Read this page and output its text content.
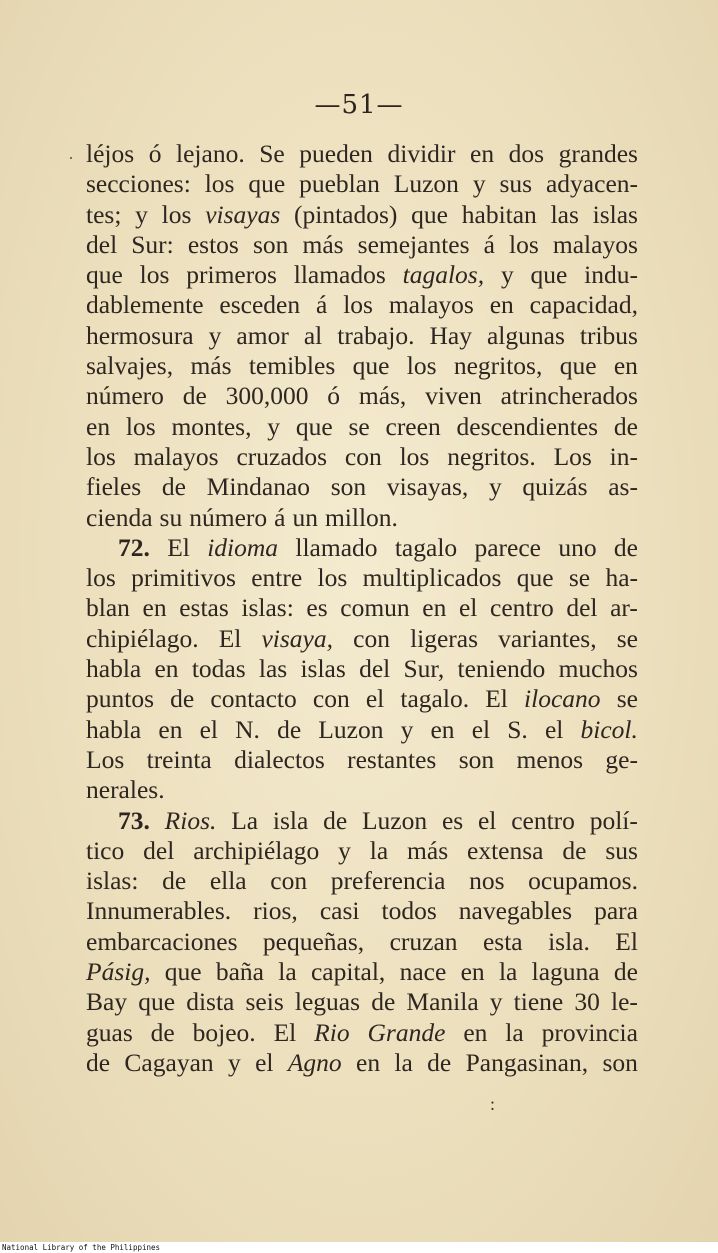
—51—
· léjos ó lejano. Se pueden dividir en dos grandes
secciones: los que pueblan Luzon y sus adyacen-
tes; y los visayas (pintados) que habitan las islas
del Sur: estos son más semejantes á los malayos
que los primeros llamados tagalos, y que indu-
dablemente esceden á los malayos en capacidad,
hermosura y amor al trabajo. Hay algunas tribus
salvajes, más temibles que los negritos, que en
número de 300,000 ó más, viven atrincherados
en los montes, y que se creen descendientes de
los malayos cruzados con los negritos. Los in-
fieles de Mindanao son visayas, y quizás as-
cienda su número á un millon.
72. El idioma llamado tagalo parece uno de
los primitivos entre los multiplicados que se ha-
blan en estas islas: es comun en el centro del ar-
chipiélago. El visaya, con ligeras variantes, se
habla en todas las islas del Sur, teniendo muchos
puntos de contacto con el tagalo. El ilocano se
habla en el N. de Luzon y en el S. el bicol.
Los treinta dialectos restantes son menos ge-
nerales.
73. Rios. La isla de Luzon es el centro polí-
tico del archipiélago y la más extensa de sus
islas: de ella con preferencia nos ocupamos.
Innumerables. rios, casi todos navegables para
embarcaciones pequeñas, cruzan esta isla. El
Pásig, que baña la capital, nace en la laguna de
Bay que dista seis leguas de Manila y tiene 30 le-
guas de bojeo. El Rio Grande en la provincia
de Cagayan y el Agno en la de Pangasinan, son
:
National Library of the Philippines
